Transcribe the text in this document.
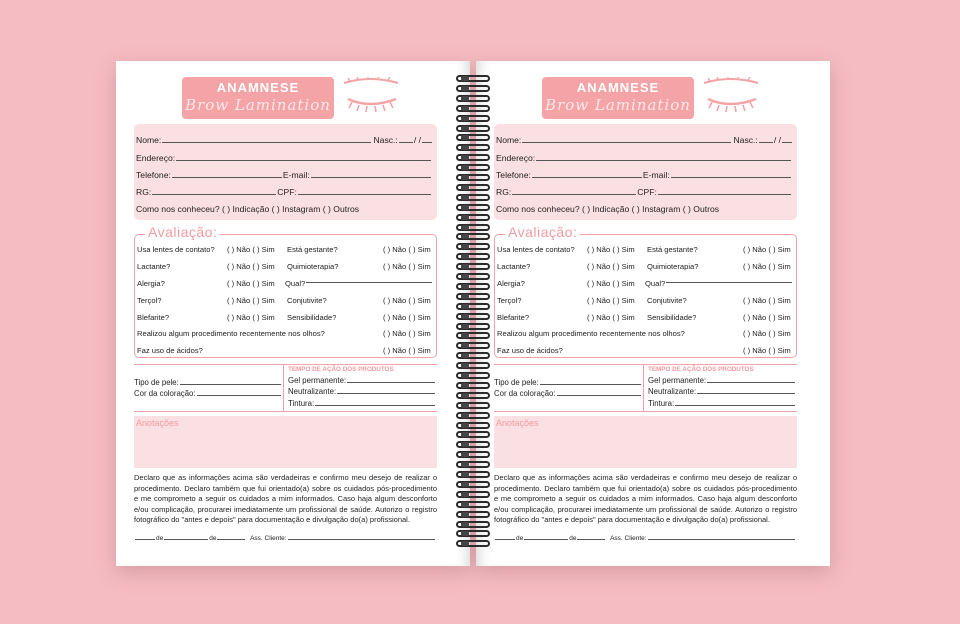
ANAMNESE
Brow Lamination
Nome:	Nasc.: / /
Endereço:
Telefone:	E-mail:
RG:	CPF:
Como nos conheceu? ( ) Indicação ( ) Instagram ( ) Outros
Avaliação:
Usa lentes de contato?	( ) Não ( ) Sim	Está gestante?	( ) Não ( ) Sim
Lactante?	( ) Não ( ) Sim	Quimioterapia?	( ) Não ( ) Sim
Alergia?	( ) Não ( ) Sim	Qual?
Terçol?	( ) Não ( ) Sim	Conjutivite?	( ) Não ( ) Sim
Blefarite?	( ) Não ( ) Sim	Sensibilidade?	( ) Não ( ) Sim
Realizou algum procedimento recentemente nos olhos?	( ) Não ( ) Sim
Faz uso de ácidos?	( ) Não ( ) Sim
Tipo de pele:
Cor da coloração:
TEMPO DE AÇÃO DOS PRODUTOS
Gel permanente:
Neutralizante:
Tintura:
Anotações
Declaro que as informações acima são verdadeiras e confirmo meu desejo de realizar o procedimento. Declaro também que fui orientado(a) sobre os cuidados pós-procedimento e me comprometo a seguir os cuidados a mim informados. Caso haja algum desconforto e/ou complicação, procurarei imediatamente um profissional de saúde. Autorizo o registro fotográfico do "antes e depois" para documentação e divulgação do(a) profissional.
de	de
	Ass. Cliente:
ANAMNESE
Brow Lamination
Nome:	Nasc.: / /
Endereço:
Telefone:	E-mail:
RG:	CPF:
Como nos conheceu? ( ) Indicação ( ) Instagram ( ) Outros
Avaliação:
Usa lentes de contato?	( ) Não ( ) Sim	Está gestante?	( ) Não ( ) Sim
Lactante?	( ) Não ( ) Sim	Quimioterapia?	( ) Não ( ) Sim
Alergia?	( ) Não ( ) Sim	Qual?
Terçol?	( ) Não ( ) Sim	Conjutivite?	( ) Não ( ) Sim
Blefarite?	( ) Não ( ) Sim	Sensibilidade?	( ) Não ( ) Sim
Realizou algum procedimento recentemente nos olhos?	( ) Não ( ) Sim
Faz uso de ácidos?	( ) Não ( ) Sim
Tipo de pele:
Cor da coloração:
TEMPO DE AÇÃO DOS PRODUTOS
Gel permanente:
Neutralizante:
Tintura:
Anotações
Declaro que as informações acima são verdadeiras e confirmo meu desejo de realizar o procedimento. Declaro também que fui orientado(a) sobre os cuidados pós-procedimento e me comprometo a seguir os cuidados a mim informados. Caso haja algum desconforto e/ou complicação, procurarei imediatamente um profissional de saúde. Autorizo o registro fotográfico do "antes e depois" para documentação e divulgação do(a) profissional.
de	de
	Ass. Cliente:
